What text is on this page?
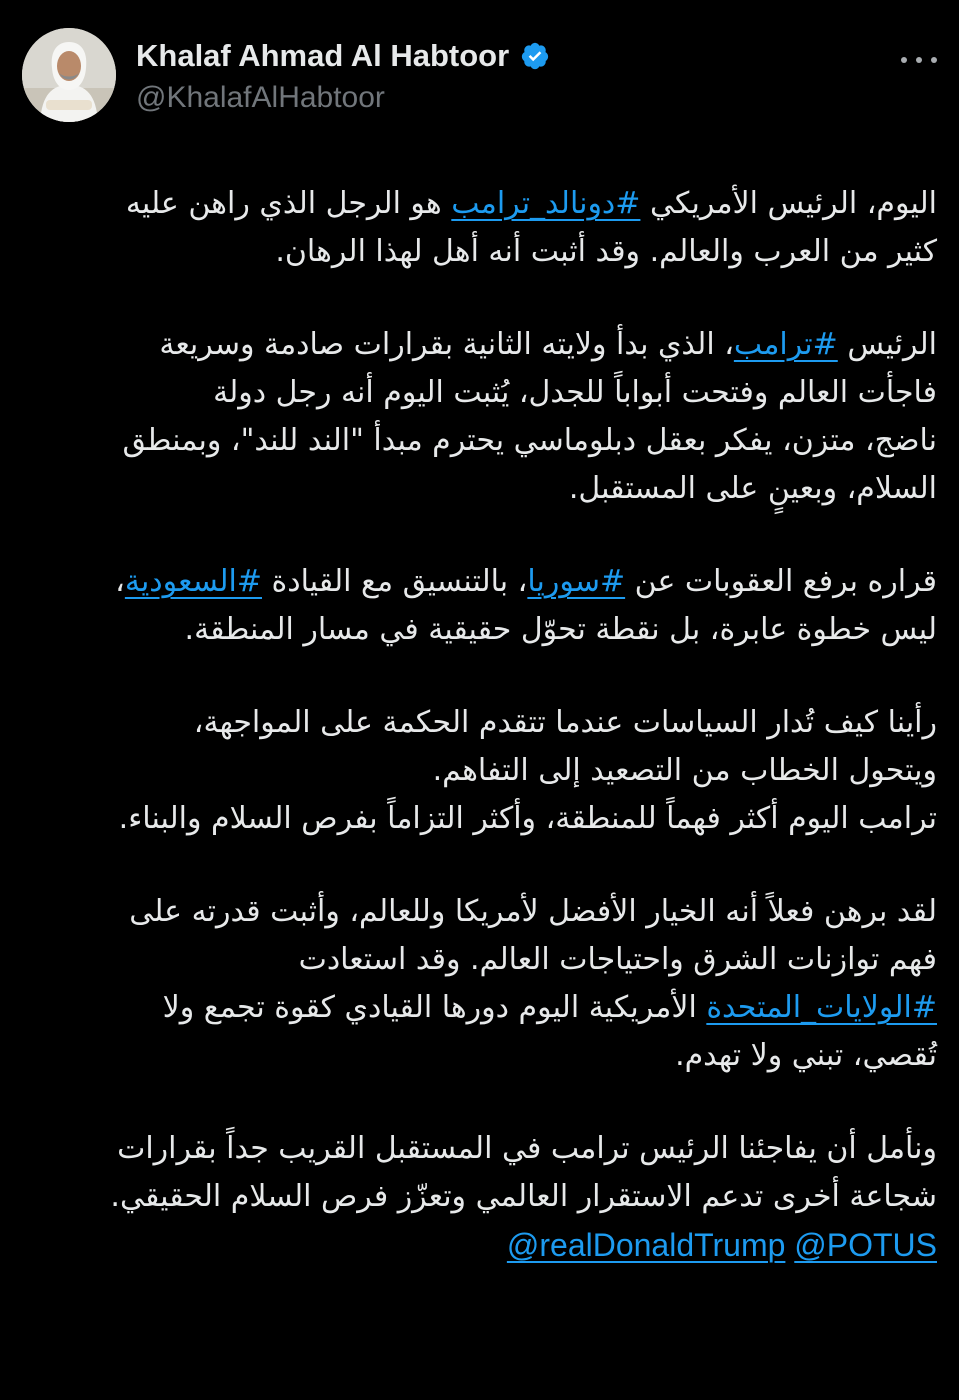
Khalaf Ahmad Al Habtoor
@KhalafAlHabtoor
اليوم، الرئيس الأمريكي #دونالد_ترامب هو الرجل الذي راهن عليه
كثير من العرب والعالم. وقد أثبت أنه أهل لهذا الرهان.
الرئيس #ترامب، الذي بدأ ولايته الثانية بقرارات صادمة وسريعة
فاجأت العالم وفتحت أبواباً للجدل، يُثبت اليوم أنه رجل دولة
ناضج، متزن، يفكر بعقل دبلوماسي يحترم مبدأ "الند للند"، وبمنطق
السلام، وبعينٍ على المستقبل.
قراره برفع العقوبات عن #سوريا، بالتنسيق مع القيادة #السعودية،
ليس خطوة عابرة، بل نقطة تحوّل حقيقية في مسار المنطقة.
رأينا كيف تُدار السياسات عندما تتقدم الحكمة على المواجهة،
ويتحول الخطاب من التصعيد إلى التفاهم.
ترامب اليوم أكثر فهماً للمنطقة، وأكثر التزاماً بفرص السلام والبناء.
لقد برهن فعلاً أنه الخيار الأفضل لأمريكا وللعالم، وأثبت قدرته على
فهم توازنات الشرق واحتياجات العالم. وقد استعادت
#الولايات_المتحدة الأمريكية اليوم دورها القيادي كقوة تجمع ولا
تُقصي، تبني ولا تهدم.
ونأمل أن يفاجئنا الرئيس ترامب في المستقبل القريب جداً بقرارات
شجاعة أخرى تدعم الاستقرار العالمي وتعزّز فرص السلام الحقيقي.
@realDonaldTrump @POTUS
